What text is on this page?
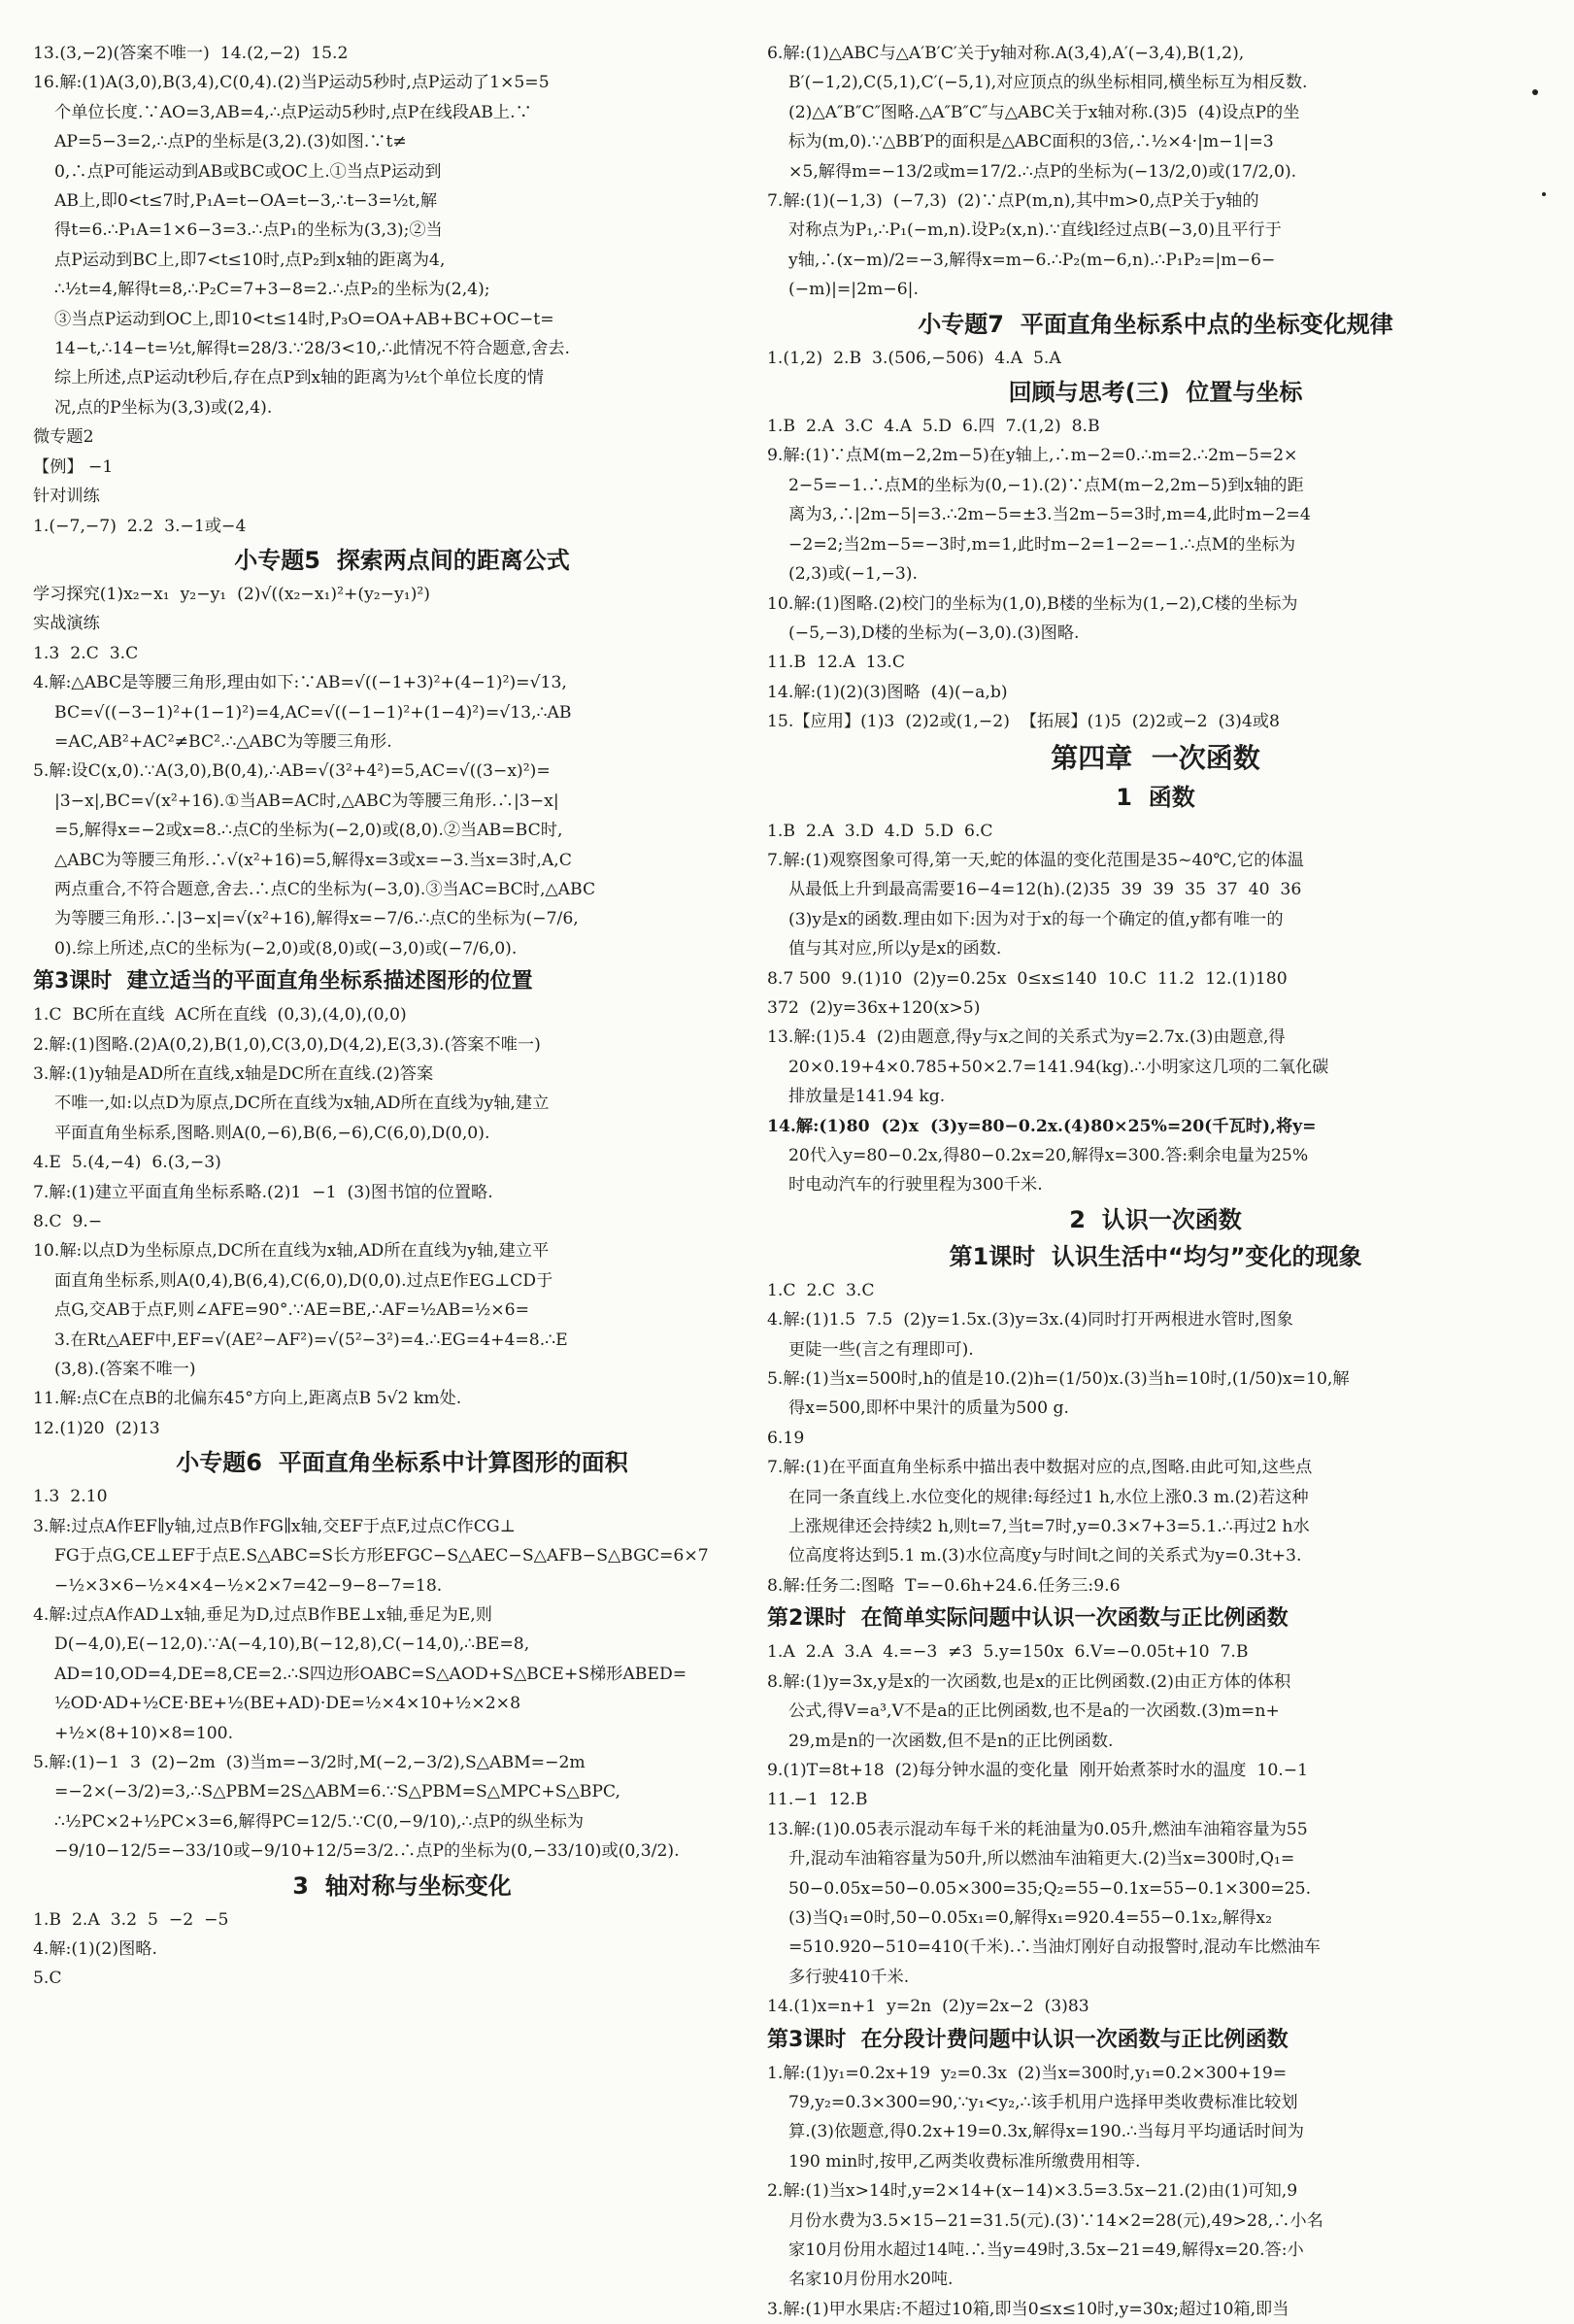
13.(3,−2)(答案不唯一)  14.(2,−2)  15.2

16.解:(1)A(3,0),B(3,4),C(0,4).(2)当P运动5秒时,点P运动了1×5=5

个单位长度.∵AO=3,AB=4,∴点P运动5秒时,点P在线段AB上.∵

AP=5−3=2,∴点P的坐标是(3,2).(3)如图.∵t≠

0,∴点P可能运动到AB或BC或OC上.①当点P运动到

AB上,即0<t≤7时,P₁A=t−OA=t−3,∴t−3=½t,解

得t=6.∴P₁A=1×6−3=3.∴点P₁的坐标为(3,3);②当

点P运动到BC上,即7<t≤10时,点P₂到x轴的距离为4,

∴½t=4,解得t=8,∴P₂C=7+3−8=2.∴点P₂的坐标为(2,4);

③当点P运动到OC上,即10<t≤14时,P₃O=OA+AB+BC+OC−t=

14−t,∴14−t=½t,解得t=28/3.∵28/3<10,∴此情况不符合题意,舍去.

综上所述,点P运动t秒后,存在点P到x轴的距离为½t个单位长度的情

况,点的P坐标为(3,3)或(2,4).

微专题2

【例】 −1

针对训练

1.(−7,−7)  2.2  3.−1或−4

小专题5  探索两点间的距离公式

学习探究(1)x₂−x₁  y₂−y₁  (2)√((x₂−x₁)²+(y₂−y₁)²)

实战演练

1.3  2.C  3.C

4.解:△ABC是等腰三角形,理由如下:∵AB=√((−1+3)²+(4−1)²)=√13,

BC=√((−3−1)²+(1−1)²)=4,AC=√((−1−1)²+(1−4)²)=√13,∴AB

=AC,AB²+AC²≠BC².∴△ABC为等腰三角形.

5.解:设C(x,0).∵A(3,0),B(0,4),∴AB=√(3²+4²)=5,AC=√((3−x)²)=

|3−x|,BC=√(x²+16).①当AB=AC时,△ABC为等腰三角形.∴|3−x|

=5,解得x=−2或x=8.∴点C的坐标为(−2,0)或(8,0).②当AB=BC时,

△ABC为等腰三角形.∴√(x²+16)=5,解得x=3或x=−3.当x=3时,A,C

两点重合,不符合题意,舍去.∴点C的坐标为(−3,0).③当AC=BC时,△ABC

为等腰三角形.∴|3−x|=√(x²+16),解得x=−7/6.∴点C的坐标为(−7/6,

0).综上所述,点C的坐标为(−2,0)或(8,0)或(−3,0)或(−7/6,0).

第3课时  建立适当的平面直角坐标系描述图形的位置

1.C  BC所在直线  AC所在直线  (0,3),(4,0),(0,0)

2.解:(1)图略.(2)A(0,2),B(1,0),C(3,0),D(4,2),E(3,3).(答案不唯一)

3.解:(1)y轴是AD所在直线,x轴是DC所在直线.(2)答案

不唯一,如:以点D为原点,DC所在直线为x轴,AD所在直线为y轴,建立

平面直角坐标系,图略.则A(0,−6),B(6,−6),C(6,0),D(0,0).

4.E  5.(4,−4)  6.(3,−3)

7.解:(1)建立平面直角坐标系略.(2)1  −1  (3)图书馆的位置略.

8.C  9.−

10.解:以点D为坐标原点,DC所在直线为x轴,AD所在直线为y轴,建立平

面直角坐标系,则A(0,4),B(6,4),C(6,0),D(0,0).过点E作EG⊥CD于

点G,交AB于点F,则∠AFE=90°.∵AE=BE,∴AF=½AB=½×6=

3.在Rt△AEF中,EF=√(AE²−AF²)=√(5²−3²)=4.∴EG=4+4=8.∴E

(3,8).(答案不唯一)

11.解:点C在点B的北偏东45°方向上,距离点B 5√2 km处.

12.(1)20  (2)13

小专题6  平面直角坐标系中计算图形的面积

1.3  2.10

3.解:过点A作EF∥y轴,过点B作FG∥x轴,交EF于点F,过点C作CG⊥

FG于点G,CE⊥EF于点E.S△ABC=S长方形EFGC−S△AEC−S△AFB−S△BGC=6×7

−½×3×6−½×4×4−½×2×7=42−9−8−7=18.

4.解:过点A作AD⊥x轴,垂足为D,过点B作BE⊥x轴,垂足为E,则

D(−4,0),E(−12,0).∵A(−4,10),B(−12,8),C(−14,0),∴BE=8,

AD=10,OD=4,DE=8,CE=2.∴S四边形OABC=S△AOD+S△BCE+S梯形ABED=

½OD·AD+½CE·BE+½(BE+AD)·DE=½×4×10+½×2×8

+½×(8+10)×8=100.

5.解:(1)−1  3  (2)−2m  (3)当m=−3/2时,M(−2,−3/2),S△ABM=−2m

=−2×(−3/2)=3,∴S△PBM=2S△ABM=6.∵S△PBM=S△MPC+S△BPC,

∴½PC×2+½PC×3=6,解得PC=12/5.∵C(0,−9/10),∴点P的纵坐标为

−9/10−12/5=−33/10或−9/10+12/5=3/2.∴点P的坐标为(0,−33/10)或(0,3/2).

3  轴对称与坐标变化

1.B  2.A  3.2  5  −2  −5

4.解:(1)(2)图略.

5.C

6.解:(1)△ABC与△A′B′C′关于y轴对称.A(3,4),A′(−3,4),B(1,2),

B′(−1,2),C(5,1),C′(−5,1),对应顶点的纵坐标相同,横坐标互为相反数.

(2)△A″B″C″图略.△A″B″C″与△ABC关于x轴对称.(3)5  (4)设点P的坐

标为(m,0).∵△BB′P的面积是△ABC面积的3倍,∴½×4·|m−1|=3

×5,解得m=−13/2或m=17/2.∴点P的坐标为(−13/2,0)或(17/2,0).

7.解:(1)(−1,3)  (−7,3)  (2)∵点P(m,n),其中m>0,点P关于y轴的

对称点为P₁,∴P₁(−m,n).设P₂(x,n).∵直线l经过点B(−3,0)且平行于

y轴,∴(x−m)/2=−3,解得x=m−6.∴P₂(m−6,n).∴P₁P₂=|m−6−

(−m)|=|2m−6|.

小专题7  平面直角坐标系中点的坐标变化规律

1.(1,2)  2.B  3.(506,−506)  4.A  5.A

回顾与思考(三)  位置与坐标

1.B  2.A  3.C  4.A  5.D  6.四  7.(1,2)  8.B

9.解:(1)∵点M(m−2,2m−5)在y轴上,∴m−2=0.∴m=2.∴2m−5=2×

2−5=−1.∴点M的坐标为(0,−1).(2)∵点M(m−2,2m−5)到x轴的距

离为3,∴|2m−5|=3.∴2m−5=±3.当2m−5=3时,m=4,此时m−2=4

−2=2;当2m−5=−3时,m=1,此时m−2=1−2=−1.∴点M的坐标为

(2,3)或(−1,−3).

10.解:(1)图略.(2)校门的坐标为(1,0),B楼的坐标为(1,−2),C楼的坐标为

(−5,−3),D楼的坐标为(−3,0).(3)图略.

11.B  12.A  13.C

14.解:(1)(2)(3)图略  (4)(−a,b)

15.【应用】(1)3  (2)2或(1,−2)  【拓展】(1)5  (2)2或−2  (3)4或8

第四章  一次函数

1  函数

1.B  2.A  3.D  4.D  5.D  6.C

7.解:(1)观察图象可得,第一天,蛇的体温的变化范围是35~40℃,它的体温

从最低上升到最高需要16−4=12(h).(2)35  39  39  35  37  40  36

(3)y是x的函数.理由如下:因为对于x的每一个确定的值,y都有唯一的

值与其对应,所以y是x的函数.

8.7 500  9.(1)10  (2)y=0.25x  0≤x≤140  10.C  11.2  12.(1)180

372  (2)y=36x+120(x>5)

13.解:(1)5.4  (2)由题意,得y与x之间的关系式为y=2.7x.(3)由题意,得

20×0.19+4×0.785+50×2.7=141.94(kg).∴小明家这几项的二氧化碳

排放量是141.94 kg.

14.解:(1)80  (2)x  (3)y=80−0.2x.(4)80×25%=20(千瓦时),将y=

20代入y=80−0.2x,得80−0.2x=20,解得x=300.答:剩余电量为25%

时电动汽车的行驶里程为300千米.

2  认识一次函数

第1课时  认识生活中“均匀”变化的现象

1.C  2.C  3.C

4.解:(1)1.5  7.5  (2)y=1.5x.(3)y=3x.(4)同时打开两根进水管时,图象

更陡一些(言之有理即可).

5.解:(1)当x=500时,h的值是10.(2)h=(1/50)x.(3)当h=10时,(1/50)x=10,解

得x=500,即杯中果汁的质量为500 g.

6.19

7.解:(1)在平面直角坐标系中描出表中数据对应的点,图略.由此可知,这些点

在同一条直线上.水位变化的规律:每经过1 h,水位上涨0.3 m.(2)若这种

上涨规律还会持续2 h,则t=7,当t=7时,y=0.3×7+3=5.1.∴再过2 h水

位高度将达到5.1 m.(3)水位高度y与时间t之间的关系式为y=0.3t+3.

8.解:任务二:图略  T=−0.6h+24.6.任务三:9.6

第2课时  在简单实际问题中认识一次函数与正比例函数

1.A  2.A  3.A  4.=−3  ≠3  5.y=150x  6.V=−0.05t+10  7.B

8.解:(1)y=3x,y是x的一次函数,也是x的正比例函数.(2)由正方体的体积

公式,得V=a³,V不是a的正比例函数,也不是a的一次函数.(3)m=n+

29,m是n的一次函数,但不是n的正比例函数.

9.(1)T=8t+18  (2)每分钟水温的变化量  刚开始煮茶时水的温度  10.−1

11.−1  12.B

13.解:(1)0.05表示混动车每千米的耗油量为0.05升,燃油车油箱容量为55

升,混动车油箱容量为50升,所以燃油车油箱更大.(2)当x=300时,Q₁=

50−0.05x=50−0.05×300=35;Q₂=55−0.1x=55−0.1×300=25.

(3)当Q₁=0时,50−0.05x₁=0,解得x₁=920.4=55−0.1x₂,解得x₂

=510.920−510=410(千米).∴当油灯刚好自动报警时,混动车比燃油车

多行驶410千米.

14.(1)x=n+1  y=2n  (2)y=2x−2  (3)83

第3课时  在分段计费问题中认识一次函数与正比例函数

1.解:(1)y₁=0.2x+19  y₂=0.3x  (2)当x=300时,y₁=0.2×300+19=

79,y₂=0.3×300=90,∵y₁<y₂,∴该手机用户选择甲类收费标准比较划

算.(3)依题意,得0.2x+19=0.3x,解得x=190.∴当每月平均通话时间为

190 min时,按甲,乙两类收费标准所缴费用相等.

2.解:(1)当x>14时,y=2×14+(x−14)×3.5=3.5x−21.(2)由(1)可知,9

月份水费为3.5×15−21=31.5(元).(3)∵14×2=28(元),49>28,∴小名

家10月份用水超过14吨.∴当y=49时,3.5x−21=49,解得x=20.答:小

名家10月份用水20吨.

3.解:(1)甲水果店:不超过10箱,即当0≤x≤10时,y=30x;超过10箱,即当
